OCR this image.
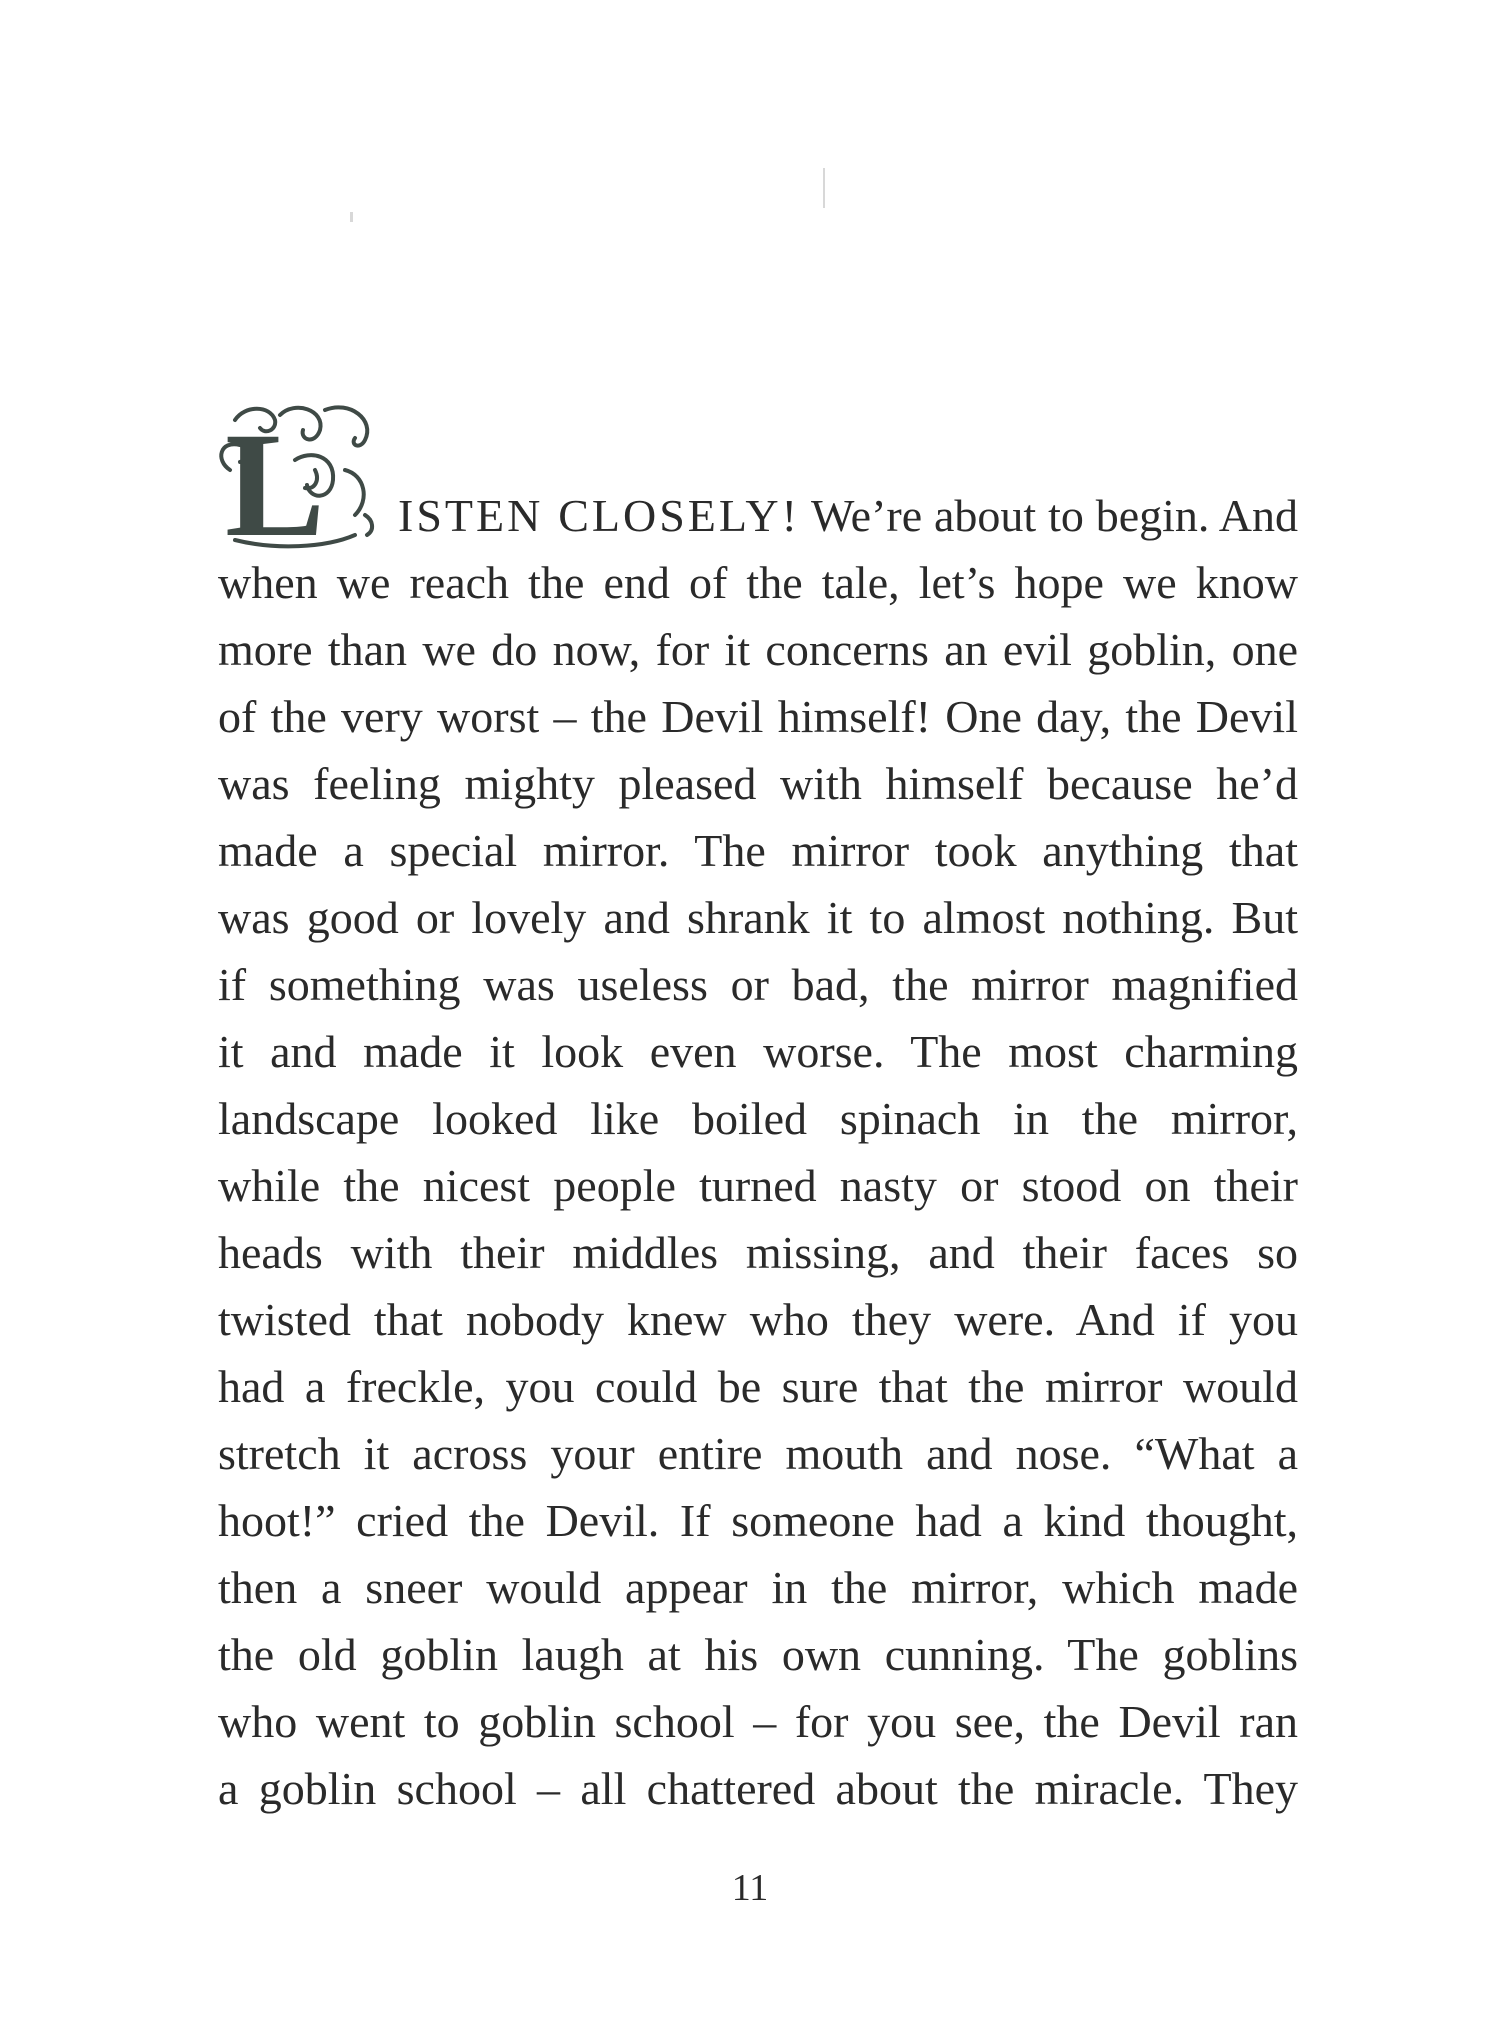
L ISTEN CLOSELY! We’re about to begin. And
when we reach the end of the tale, let’s hope we know
more than we do now, for it concerns an evil goblin, one
of the very worst – the Devil himself! One day, the Devil
was feeling mighty pleased with himself because he’d
made a special mirror. The mirror took anything that
was good or lovely and shrank it to almost nothing. But
if something was useless or bad, the mirror magnified
it and made it look even worse. The most charming
landscape looked like boiled spinach in the mirror,
while the nicest people turned nasty or stood on their
heads with their middles missing, and their faces so
twisted that nobody knew who they were. And if you
had a freckle, you could be sure that the mirror would
stretch it across your entire mouth and nose. “What a
hoot!” cried the Devil. If someone had a kind thought,
then a sneer would appear in the mirror, which made
the old goblin laugh at his own cunning. The goblins
who went to goblin school – for you see, the Devil ran
a goblin school – all chattered about the miracle. They
11
